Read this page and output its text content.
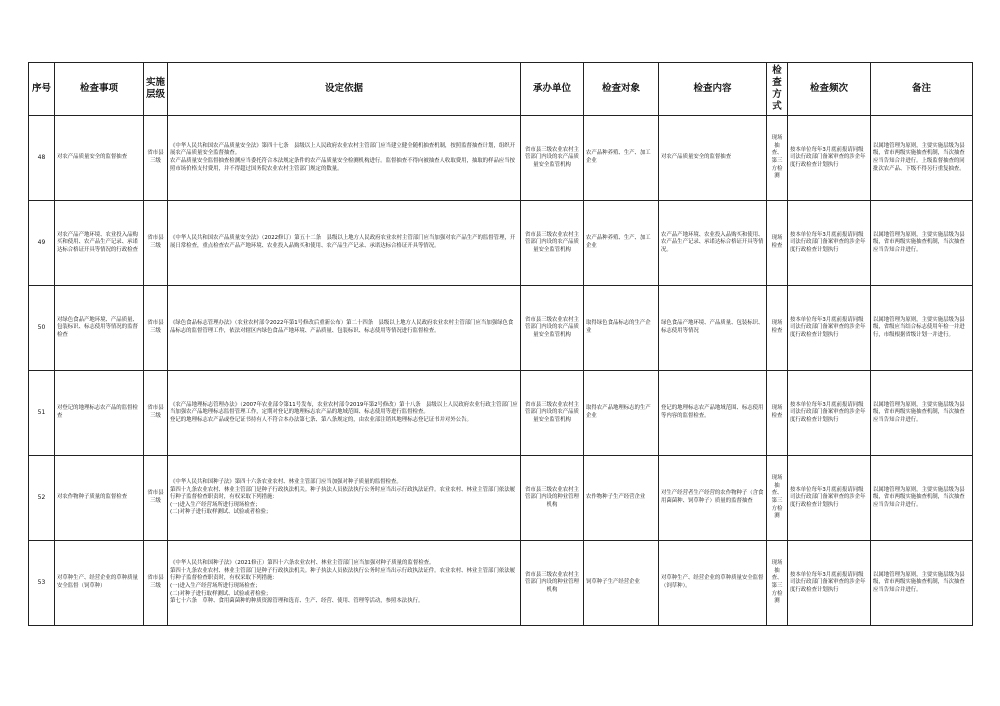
序号	检查事项	实施层级	设定依据	承办单位	检查对象	检查内容	检查方式	检查频次	备注
48	对农产品质量安全的监督抽查	省市县三级	《中华人民共和国农产品质量安全法》第四十七条　县级以上人民政府农业农村主管部门应当建立健全随机抽查机制，按照监督抽查计划，组织开展农产品质量安全监督抽查。
农产品质量安全监督抽查检测应当委托符合本法规定条件的农产品质量安全检测机构进行。监督抽查不得向被抽查人收取费用，抽取的样品应当按照市场价格支付费用，并不得超过国务院农业农村主管部门规定的数量。	省市县三级农业农村主管部门内设的农产品质量安全监管机构	农产品种养殖、生产、加工企业	对农产品质量安全的监督抽查	现场抽查、第三方检测	按本单位每年3月底前报请同级司法行政部门备案审查的涉企年度行政检查计划执行	以属地管理为原则，主要实施层级为县级，省市两级实施抽查机制，当次抽查应当告知合并进行。上级监督抽查的同批次农产品、下级不得另行重复抽查。
49	对农产品产地环境、农业投入品购买和使用、农产品生产记录、承诺达标合格证开具等情况的行政检查	省市县三级	《中华人民共和国农产品质量安全法》（2022修订）第五十二条　县级以上地方人民政府农业农村主管部门应当加强对农产品生产的监督管理，开展日常检查，重点检查农产品产地环境、农业投入品购买和使用、农产品生产记录、承诺达标合格证开具等情况。	省市县三级农业农村主管部门内设的农产品质量安全监管机构	农产品种养殖、生产、加工企业	农产品产地环境、农业投入品购买和使用、农产品生产记录、承诺达标合格证开具等情况。	现场检查	按本单位每年3月底前报请同级司法行政部门备案审查的涉企年度行政检查计划执行	以属地管理为原则，主要实施层级为县级，省市两级实施抽查机制，当次抽查应当告知合并进行。
50	对绿色食品产地环境、产品质量、包装标识、标志使用等情况的监督检查	省市县三级	《绿色食品标志管理办法》（农业农村部令2022年第1号修改后重新公布）第二十四条　县级以上地方人民政府农业农村主管部门应当加强绿色食品标志的监督管理工作，依法对辖区内绿色食品产地环境、产品质量、包装标识、标志使用等情况进行监督检查。	省市县三级农业农村主管部门内设的农产品质量安全监管机构	取得绿色食品标志的生产企业	绿色食品产地环境、产品质量、包装标识、标志使用等情况	现场检查	按本单位每年3月底前报请同级司法行政部门备案审查的涉企年度行政检查计划执行	以属地管理为原则，主要实施层级为县级，省级应当结合标志使用年检一并进行，市级根据省级计划一并进行。
51	对登记的地理标志农产品的监督检查	省市县三级	《农产品地理标志管理办法》（2007年农业部令第11号发布，农业农村部令2019年第2号修改）第十八条　县级以上人民政府农业行政主管部门应当加强农产品地理标志监督管理工作，定期对登记的地理标志农产品的地域范围、标志使用等进行监督检查。
登记的地理标志农产品或登记证书持有人不符合本办法第七条、第八条规定的，由农业部注销其地理标志登记证书并对外公告。	省市县三级农业农村主管部门内设的农产品质量安全监管机构	取得农产品地理标志的生产企业	登记的地理标志农产品地域范围、标志使用等内容的监督检查。	现场检查	按本单位每年3月底前报请同级司法行政部门备案审查的涉企年度行政检查计划执行	以属地管理为原则，主要实施层级为县级，省市两级实施抽查机制，当次抽查应当告知合并进行。
52	对农作物种子质量的监督检查	省市县三级	《中华人民共和国种子法》第四十六条农业农村、林业主管部门应当加强对种子质量的监督检查。
第四十九条农业农村、林业主管部门是种子行政执法机关。种子执法人员依法执行公务时应当出示行政执法证件。农业农村、林业主管部门依法履行种子监督检查职责时，有权采取下列措施：
(一)进入生产经营场所进行现场检查；
(二)对种子进行取样测试、试验或者检验；	省市县三级农业农村主管部门内设的种业管理机构	农作物种子生产经营企业	对生产经营者生产经营的农作物种子（含食用菌菌种、饲草种子）质量的监督抽查	现场抽查、第三方检测	按本单位每年3月底前报请同级司法行政部门备案审查的涉企年度行政检查计划执行	以属地管理为原则，主要实施层级为县级，省市两级实施抽查机制，当次抽查应当告知合并进行。
53	对草种生产、经营企业的草种质量安全监督（饲草种）	省市县三级	《中华人民共和国种子法》（2021修正）第四十六条农业农村、林业主管部门应当加强对种子质量的监督检查。
第四十九条农业农村、林业主管部门是种子行政执法机关。种子执法人员依法执行公务时应当出示行政执法证件。农业农村、林业主管部门依法履行种子监督检查职责时，有权采取下列措施：
(一)进入生产经营场所进行现场检查；
(二)对种子进行取样测试、试验或者检验；
第七十六条　草种、食用菌菌种的种质资源管理和选育、生产、经营、使用、管理等活动，参照本法执行。	省市县三级农业农村主管部门内设的种业管理机构	饲草种子生产经营企业	对草种生产、经营企业的草种质量安全监督（饲草种）。	现场抽查、第三方检测	按本单位每年3月底前报请同级司法行政部门备案审查的涉企年度行政检查计划执行	以属地管理为原则，主要实施层级为县级，省市两级实施抽查机制，当次抽查应当告知合并进行。
